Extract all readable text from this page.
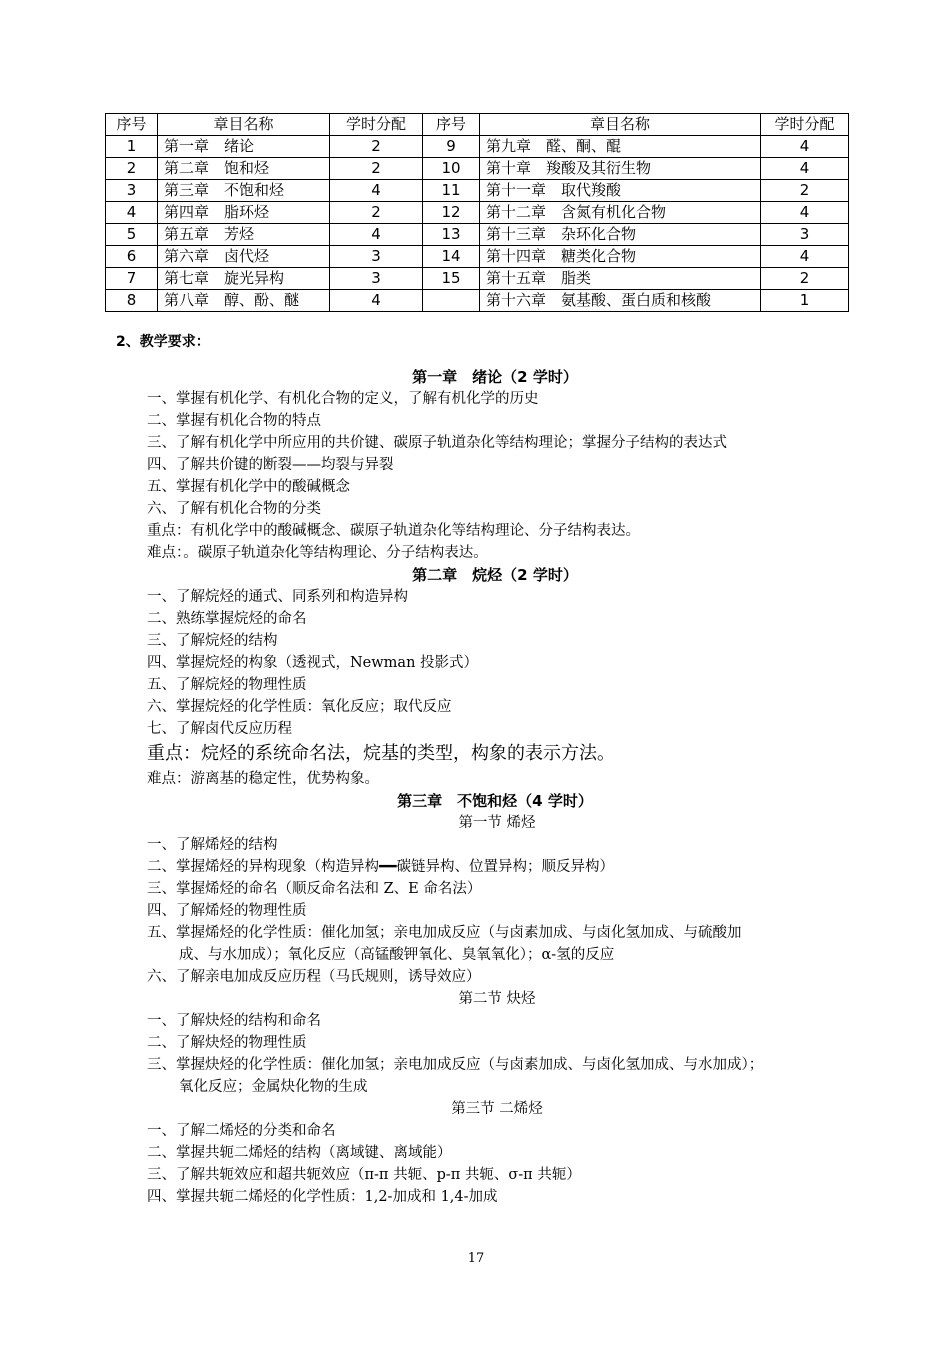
序号	章目名称	学时分配	序号	章目名称	学时分配
1	第一章　绪论	2	9	第九章　醛、酮、醌	4
2	第二章　饱和烃	2	10	第十章　羧酸及其衍生物	4
3	第三章　不饱和烃	4	11	第十一章　取代羧酸	2
4	第四章　脂环烃	2	12	第十二章　含氮有机化合物	4
5	第五章　芳烃	4	13	第十三章　杂环化合物	3
6	第六章　卤代烃	3	14	第十四章　糖类化合物	4
7	第七章　旋光异构	3	15	第十五章　脂类	2
8	第八章　醇、酚、醚	4		第十六章　氨基酸、蛋白质和核酸	1
2、教学要求：
第一章　绪论（2 学时）
一、掌握有机化学、有机化合物的定义，了解有机化学的历史
二、掌握有机化合物的特点
三、了解有机化学中所应用的共价键、碳原子轨道杂化等结构理论；掌握分子结构的表达式
四、了解共价键的断裂——均裂与异裂
五、掌握有机化学中的酸碱概念
六、了解有机化合物的分类
重点：有机化学中的酸碱概念、碳原子轨道杂化等结构理论、分子结构表达。
难点：。碳原子轨道杂化等结构理论、分子结构表达。
第二章　烷烃（2 学时）
一、了解烷烃的通式、同系列和构造异构
二、熟练掌握烷烃的命名
三、了解烷烃的结构
四、掌握烷烃的构象（透视式，Newman 投影式）
五、了解烷烃的物理性质
六、掌握烷烃的化学性质：氧化反应；取代反应
七、了解卤代反应历程
重点：烷烃的系统命名法，烷基的类型，构象的表示方法。
难点：游离基的稳定性，优势构象。
第三章　不饱和烃（4 学时）
第一节 烯烃
一、了解烯烃的结构
二、掌握烯烃的异构现象（构造异构━━碳链异构、位置异构；顺反异构）
三、掌握烯烃的命名（顺反命名法和 Z、E 命名法）
四、了解烯烃的物理性质
五、掌握烯烃的化学性质：催化加氢；亲电加成反应（与卤素加成、与卤化氢加成、与硫酸加
成、与水加成）；氧化反应（高锰酸钾氧化、臭氧氧化）；α-氢的反应
六、了解亲电加成反应历程（马氏规则，诱导效应）
第二节 炔烃
一、了解炔烃的结构和命名
二、了解炔烃的物理性质
三、掌握炔烃的化学性质：催化加氢；亲电加成反应（与卤素加成、与卤化氢加成、与水加成）；
氧化反应；金属炔化物的生成
第三节 二烯烃
一、了解二烯烃的分类和命名
二、掌握共轭二烯烃的结构（离域键、离域能）
三、了解共轭效应和超共轭效应（π-π 共轭、p-π 共轭、σ-π 共轭）
四、掌握共轭二烯烃的化学性质：1,2-加成和 1,4-加成
17
